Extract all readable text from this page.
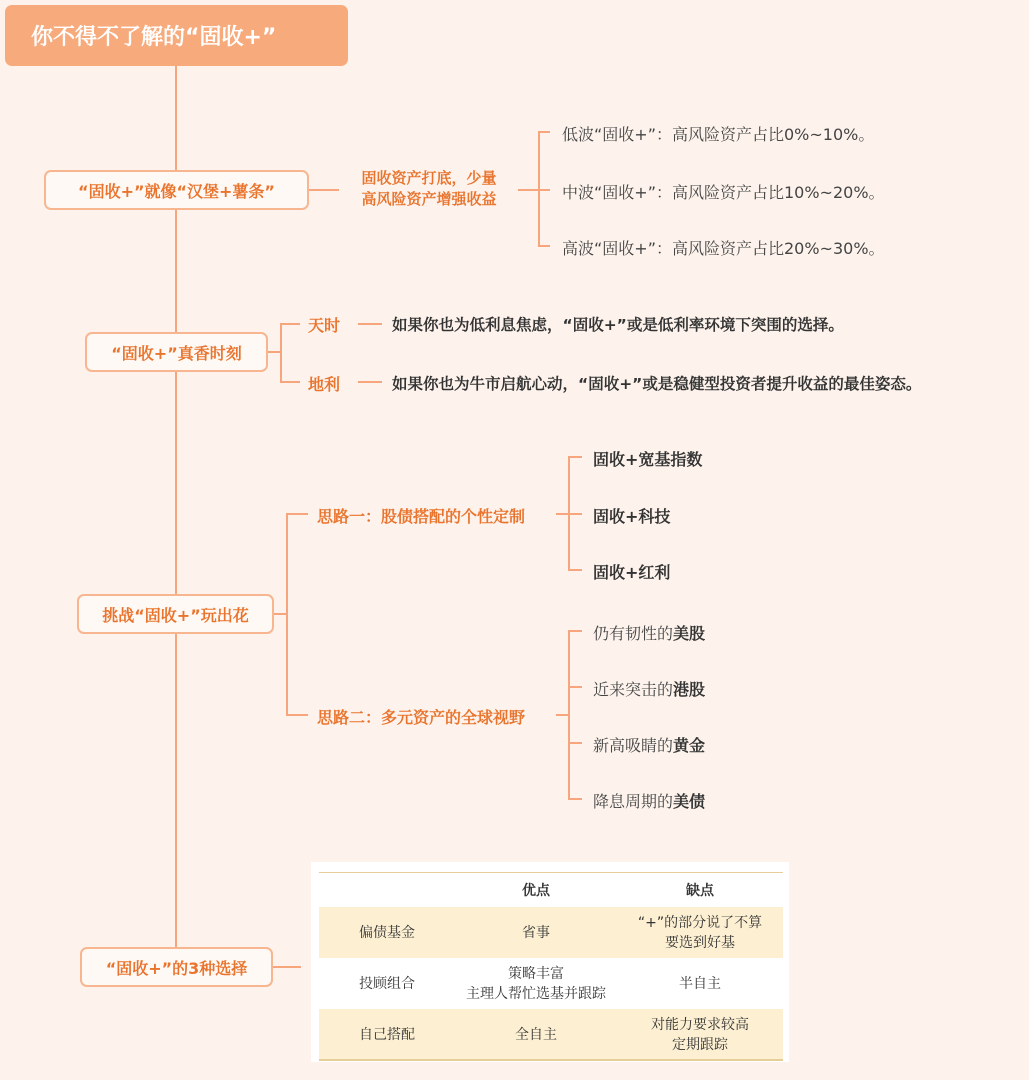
你不得不了解的“固收+”
“固收+”就像“汉堡+薯条”
固收资产打底，少量
高风险资产增强收益
低波“固收+”：高风险资产占比0%~10%。
中波“固收+”：高风险资产占比10%~20%。
高波“固收+”：高风险资产占比20%~30%。
“固收+”真香时刻
天时	如果你也为低利息焦虑，“固收+”或是低利率环境下突围的选择。
地利	如果你也为牛市启航心动，“固收+”或是稳健型投资者提升收益的最佳姿态。
挑战“固收+”玩出花
思路一：股债搭配的个性定制
固收+宽基指数
固收+科技
固收+红利
思路二：多元资产的全球视野
仍有韧性的美股
近来突击的港股
新高吸睛的黄金
降息周期的美债
“固收+”的3种选择
	优点	缺点
偏债基金	省事	“+”的部分说了不算
要选到好基

投顾组合	策略丰富
主理人帮忙选基并跟踪	半自主

自己搭配	全自主	对能力要求较高
定期跟踪
